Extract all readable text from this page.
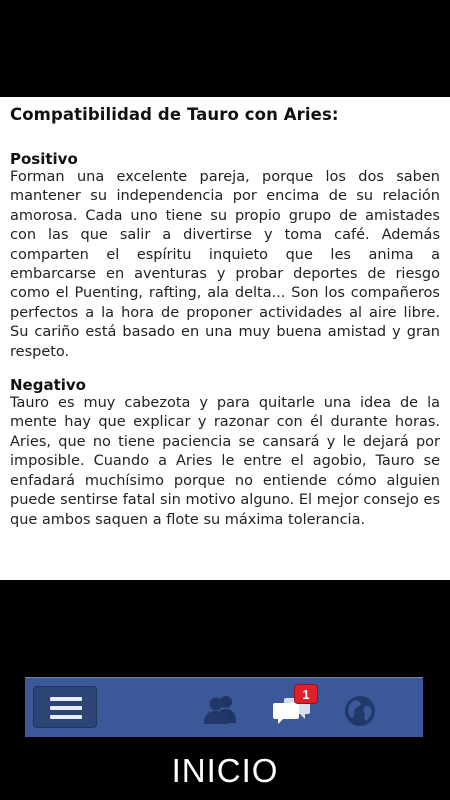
Compatibilidad de Tauro con Aries:
Positivo

Forman una excelente pareja, porque los dos saben mantener su independencia por encima de su relación amorosa. Cada uno tiene su propio grupo de amistades con las que salir a divertirse y toma café. Además comparten el espíritu inquieto que les anima a embarcarse en aventuras y probar deportes de riesgo como el Puenting, rafting, ala delta... Son los compañeros perfectos a la hora de proponer actividades al aire libre. Su cariño está basado en una muy buena amistad y gran respeto.

Negativo

Tauro es muy cabezota y para quitarle una idea de la mente hay que explicar y razonar con él durante horas. Aries, que no tiene paciencia se cansará y le dejará por imposible. Cuando a Aries le entre el agobio, Tauro se enfadará muchísimo porque no entiende cómo alguien puede sentirse fatal sin motivo alguno. El mejor consejo es que ambos saquen a flote su máxima tolerancia.

1
INICIO
